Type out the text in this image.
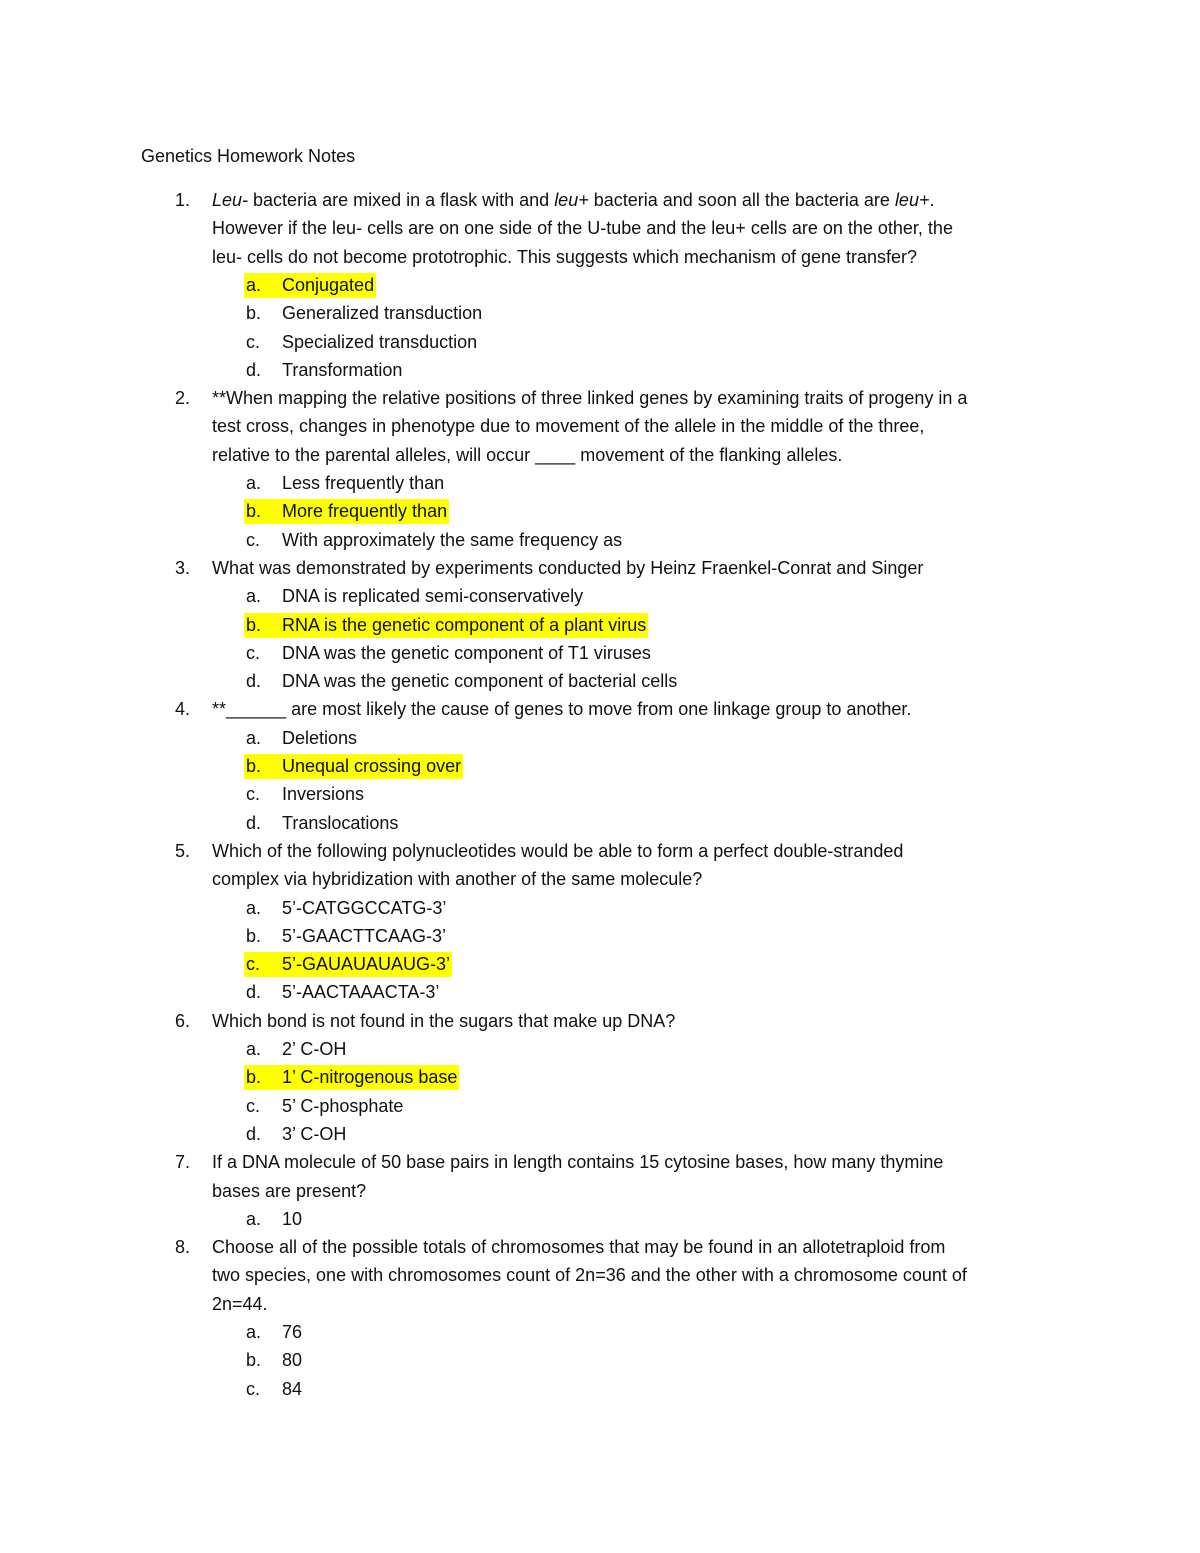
Genetics Homework Notes
1.	Leu- bacteria are mixed in a flask with and leu+ bacteria and soon all the bacteria are leu+.
However if the leu- cells are on one side of the U-tube and the leu+ cells are on the other, the
leu- cells do not become prototrophic. This suggests which mechanism of gene transfer?
a. Conjugated
b. Generalized transduction
c. Specialized transduction
d. Transformation
2.	**When mapping the relative positions of three linked genes by examining traits of progeny in a
test cross, changes in phenotype due to movement of the allele in the middle of the three,
relative to the parental alleles, will occur ____ movement of the flanking alleles.
a. Less frequently than
b. More frequently than
c. With approximately the same frequency as
3.	What was demonstrated by experiments conducted by Heinz Fraenkel-Conrat and Singer
a. DNA is replicated semi-conservatively
b. RNA is the genetic component of a plant virus
c. DNA was the genetic component of T1 viruses
d. DNA was the genetic component of bacterial cells
4.	**______ are most likely the cause of genes to move from one linkage group to another.
a. Deletions
b. Unequal crossing over
c. Inversions
d. Translocations
5.	Which of the following polynucleotides would be able to form a perfect double-stranded
complex via hybridization with another of the same molecule?
a. 5’-CATGGCCATG-3’
b. 5’-GAACTTCAAG-3’
c. 5’-GAUAUAUAUG-3’
d. 5’-AACTAAACTA-3’
6.	Which bond is not found in the sugars that make up DNA?
a. 2’ C-OH
b. 1’ C-nitrogenous base
c. 5’ C-phosphate
d. 3’ C-OH
7.	If a DNA molecule of 50 base pairs in length contains 15 cytosine bases, how many thymine
bases are present?
a. 10
8.	Choose all of the possible totals of chromosomes that may be found in an allotetraploid from
two species, one with chromosomes count of 2n=36 and the other with a chromosome count of
2n=44.
a. 76
b. 80
c. 84
